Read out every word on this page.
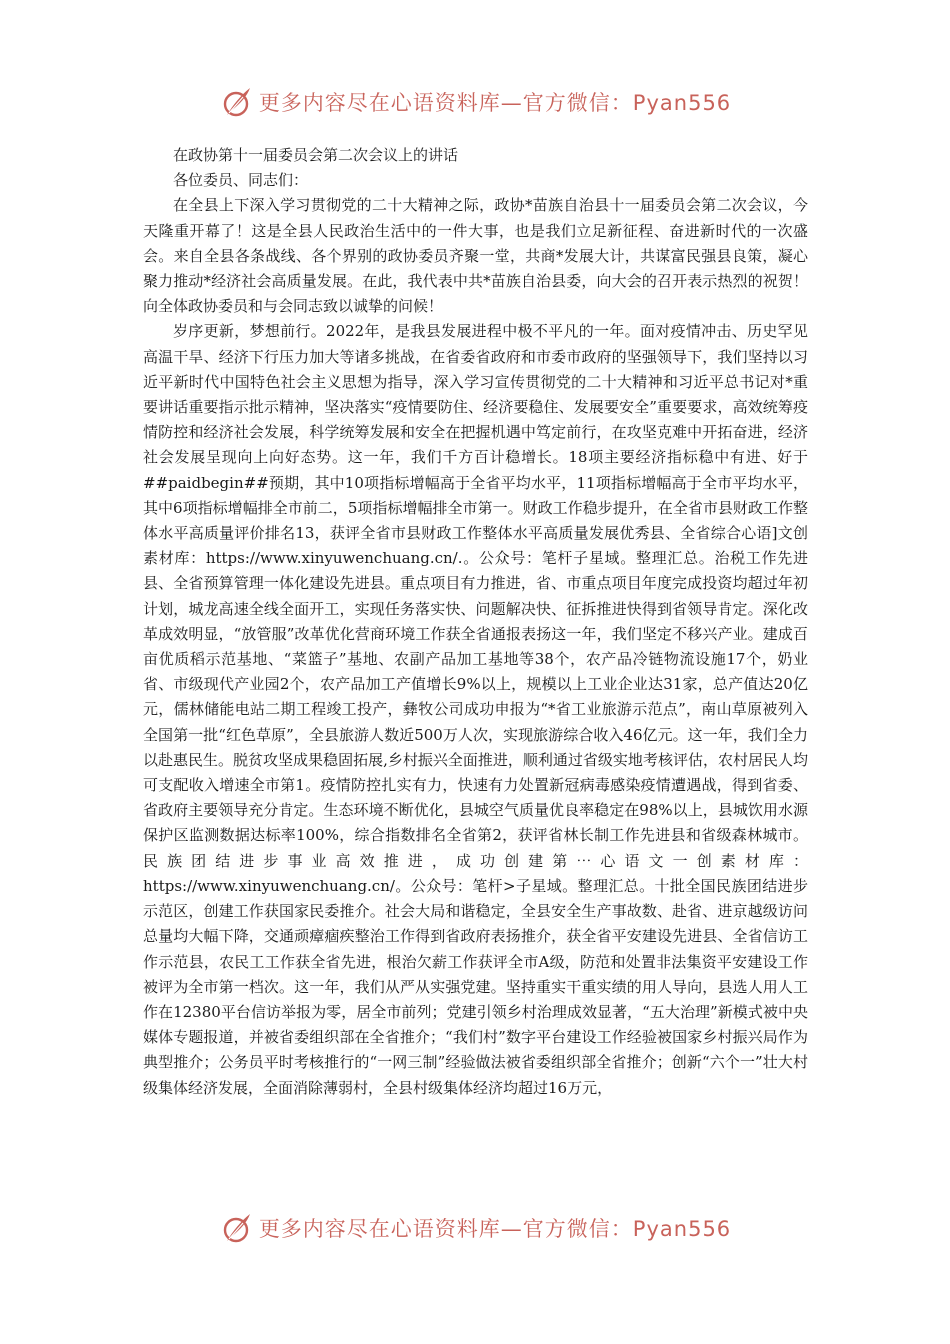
更多内容尽在心语资料库—官方微信：Pyan556

在政协第十一届委员会第二次会议上的讲话

各位委员、同志们：

在全县上下深入学习贯彻党的二十大精神之际，政协*苗族自治县十一届委员会第二次会议，今天隆重开幕了！这是全县人民政治生活中的一件大事，也是我们立足新征程、奋进新时代的一次盛会。来自全县各条战线、各个界别的政协委员齐聚一堂，共商*发展大计，共谋富民强县良策，凝心聚力推动*经济社会高质量发展。在此，我代表中共*苗族自治县委，向大会的召开表示热烈的祝贺！向全体政协委员和与会同志致以诚挚的问候！

岁序更新，梦想前行。2022年，是我县发展进程中极不平凡的一年。面对疫情冲击、历史罕见高温干旱、经济下行压力加大等诸多挑战，在省委省政府和市委市政府的坚强领导下，我们坚持以习近平新时代中国特色社会主义思想为指导，深入学习宣传贯彻党的二十大精神和习近平总书记对*重要讲话重要指示批示精神，坚决落实“疫情要防住、经济要稳住、发展要安全”重要要求，高效统筹疫情防控和经济社会发展，科学统筹发展和安全在把握机遇中笃定前行，在攻坚克难中开拓奋进，经济社会发展呈现向上向好态势。这一年，我们千方百计稳增长。18项主要经济指标稳中有进、好于##paidbegin##预期，其中10项指标增幅高于全省平均水平，11项指标增幅高于全市平均水平，其中6项指标增幅排全市前二，5项指标增幅排全市第一。财政工作稳步提升，在全省市县财政工作整体水平高质量评价排名13，获评全省市县财政工作整体水平高质量发展优秀县、全省综合心语]文创素材库：https://www.xinyuwenchuang.cn/.。公众号：笔杆子星域。整理汇总。治税工作先进县、全省预算管理一体化建设先进县。重点项目有力推进，省、市重点项目年度完成投资均超过年初计划，城龙高速全线全面开工，实现任务落实快、问题解决快、征拆推进快得到省领导肯定。深化改革成效明显，“放管服”改革优化营商环境工作获全省通报表扬这一年，我们坚定不移兴产业。建成百亩优质稻示范基地、“菜篮子”基地、农副产品加工基地等38个，农产品冷链物流设施17个，奶业省、市级现代产业园2个，农产品加工产值增长9%以上，规模以上工业企业达31家，总产值达20亿元，儒林储能电站二期工程竣工投产，彝牧公司成功申报为“*省工业旅游示范点”，南山草原被列入全国第一批“红色草原”，全县旅游人数近500万人次，实现旅游综合收入46亿元。这一年，我们全力以赴惠民生。脱贫攻坚成果稳固拓展,乡村振兴全面推进，顺利通过省级实地考核评估，农村居民人均可支配收入增速全市第1。疫情防控扎实有力，快速有力处置新冠病毒感染疫情遭遇战，得到省委、省政府主要领导充分肯定。生态环境不断优化，县城空气质量优良率稳定在98%以上，县城饮用水源保护区监测数据达标率100%，综合指数排名全省第2，获评省林长制工作先进县和省级森林城市。民族团结进步事业高效推进，成功创建第⋯心语文一创素材库：https://www.xinyuwenchuang.cn/。公众号：笔杆>子星域。整理汇总。十批全国民族团结进步示范区，创建工作获国家民委推介。社会大局和谐稳定，全县安全生产事故数、赴省、进京越级访问总量均大幅下降，交通顽瘴痼疾整治工作得到省政府表扬推介，获全省平安建设先进县、全省信访工作示范县，农民工工作获全省先进，根治欠薪工作获评全市A级，防范和处置非法集资平安建设工作被评为全市第一档次。这一年，我们从严从实强党建。坚持重实干重实绩的用人导向，县选人用人工作在12380平台信访举报为零，居全市前列；党建引领乡村治理成效显著，“五大治理”新模式被中央媒体专题报道，并被省委组织部在全省推介；“我们村”数字平台建设工作经验被国家乡村振兴局作为典型推介；公务员平时考核推行的“一网三制”经验做法被省委组织部全省推介；创新“六个一”壮大村级集体经济发展，全面消除薄弱村，全县村级集体经济均超过16万元，

更多内容尽在心语资料库—官方微信：Pyan556
